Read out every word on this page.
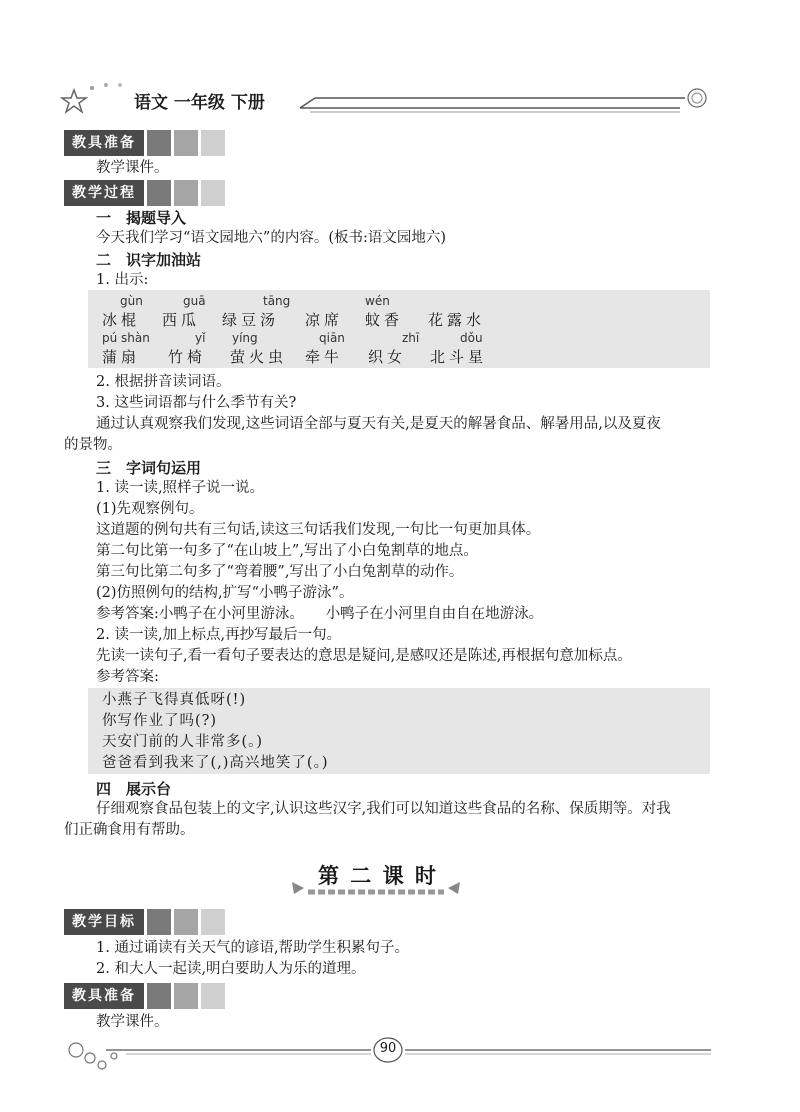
语文 一年级 下册
教具准备
教学课件。
教学过程
一　揭题导入
今天我们学习“语文园地六”的内容。(板书:语文园地六)
二　识字加油站
1. 出示:
gùn	guā	tāng	wén
冰棍 西瓜 绿豆汤 凉席 蚊香 花露水
pú shàn	yǐ yíng	qiān	zhī	dǒu
蒲扇 竹椅 萤火虫 牵牛 织女 北斗星
2. 根据拼音读词语。
3. 这些词语都与什么季节有关?
通过认真观察我们发现,这些词语全部与夏天有关,是夏天的解暑食品、解暑用品,以及夏夜
的景物。
三　字词句运用
1. 读一读,照样子说一说。
(1)先观察例句。
这道题的例句共有三句话,读这三句话我们发现,一句比一句更加具体。
第二句比第一句多了“在山坡上”,写出了小白兔割草的地点。
第三句比第二句多了“弯着腰”,写出了小白兔割草的动作。
(2)仿照例句的结构,扩写“小鸭子游泳”。
参考答案:小鸭子在小河里游泳。　　小鸭子在小河里自由自在地游泳。
2. 读一读,加上标点,再抄写最后一句。
先读一读句子,看一看句子要表达的意思是疑问,是感叹还是陈述,再根据句意加标点。
参考答案:
小燕子飞得真低呀(!)
你写作业了吗(?)
天安门前的人非常多(。)
爸爸看到我来了(,)高兴地笑了(。)
四　展示台
仔细观察食品包装上的文字,认识这些汉字,我们可以知道这些食品的名称、保质期等。对我
们正确食用有帮助。
第 二 课 时
教学目标
1. 通过诵读有关天气的谚语,帮助学生积累句子。
2. 和大人一起读,明白要助人为乐的道理。
教具准备
教学课件。
90
